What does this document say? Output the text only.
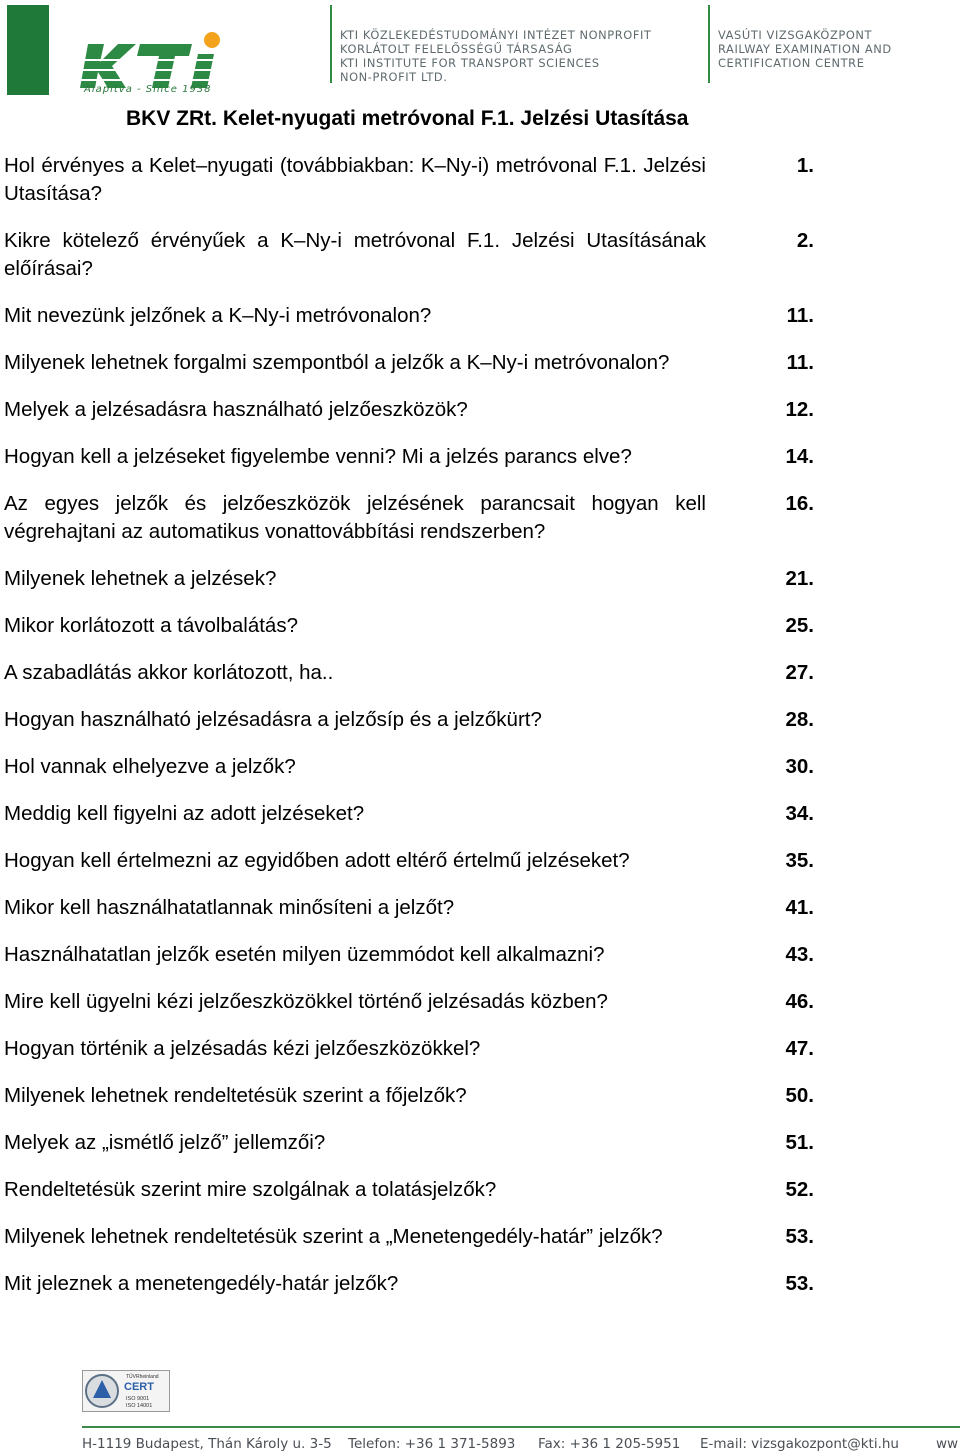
Alapítva - Since 1938
KTI KÖZLEKEDÉSTUDOMÁNYI INTÉZET NONPROFIT
KORLÁTOLT FELELŐSSÉGŰ TÁRSASÁG
KTI INSTITUTE FOR TRANSPORT SCIENCES
NON-PROFIT LTD.
VASÚTI VIZSGAKÖZPONT
RAILWAY EXAMINATION AND
CERTIFICATION CENTRE
BKV ZRt. Kelet-nyugati metróvonal F.1. Jelzési Utasítása
Hol érvényes a Kelet–nyugati (továbbiakban: K–Ny-i) metróvonal F.1. Jelzési Utasítása?
1.
Kikre kötelező érvényűek a K–Ny-i metróvonal F.1. Jelzési Utasításának előírásai?
2.
Mit nevezünk jelzőnek a K–Ny-i metróvonalon?	11.
Milyenek lehetnek forgalmi szempontból a jelzők a K–Ny-i metróvonalon?	11.
Melyek a jelzésadásra használható jelzőeszközök?	12.
Hogyan kell a jelzéseket figyelembe venni? Mi a jelzés parancs elve?	14.
Az egyes jelzők és jelzőeszközök jelzésének parancsait hogyan kell végrehajtani az automatikus vonattovábbítási rendszerben?
16.
Milyenek lehetnek a jelzések?	21.
Mikor korlátozott a távolbalátás?	25.
A szabadlátás akkor korlátozott, ha..	27.
Hogyan használható jelzésadásra a jelzősíp és a jelzőkürt?	28.
Hol vannak elhelyezve a jelzők?	30.
Meddig kell figyelni az adott jelzéseket?	34.
Hogyan kell értelmezni az egyidőben adott eltérő értelmű jelzéseket?	35.
Mikor kell használhatatlannak minősíteni a jelzőt?	41.
Használhatatlan jelzők esetén milyen üzemmódot kell alkalmazni?	43.
Mire kell ügyelni kézi jelzőeszközökkel történő jelzésadás közben?	46.
Hogyan történik a jelzésadás kézi jelzőeszközökkel?	47.
Milyenek lehetnek rendeltetésük szerint a főjelzők?	50.
Melyek az „ismétlő jelző” jellemzői?	51.
Rendeltetésük szerint mire szolgálnak a tolatásjelzők?	52.
Milyenek lehetnek rendeltetésük szerint a „Menetengedély-határ” jelzők?	53.
Mit jeleznek a menetengedély-határ jelzők?	53.
TÜVRheinland
CERT
ISO 9001
ISO 14001
H-1119 Budapest, Thán Károly u. 3-5 Telefon: +36 1 371-5893 Fax: +36 1 205-5951 E-mail: vizsgakozpont@kti.hu	ww
